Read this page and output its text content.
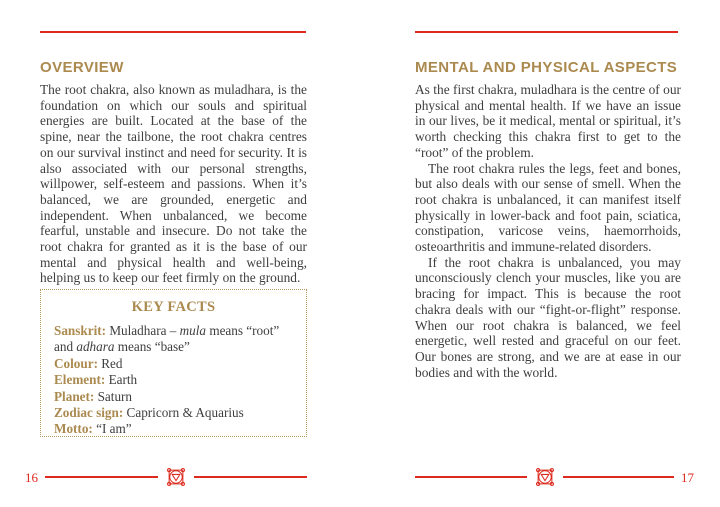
OVERVIEW

The root chakra, also known as muladhara, is the foundation on which our souls and spiritual energies are built. Located at the base of the spine, near the tailbone, the root chakra centres on our survival instinct and need for security. It is also associated with our personal strengths, willpower, self-esteem and passions. When it’s balanced, we are grounded, energetic and independent. When unbalanced, we become fearful, unstable and insecure. Do not take the root chakra for granted as it is the base of our mental and physical health and well-being, helping us to keep our feet firmly on the ground.

KEY FACTS
Sanskrit: Muladhara – mula means “root” and adhara means “base”
Colour: Red
Element: Earth
Planet: Saturn
Zodiac sign: Capricorn & Aquarius
Motto: “I am”
16
MENTAL AND PHYSICAL ASPECTS

As the first chakra, muladhara is the centre of our physical and mental health. If we have an issue in our lives, be it medical, mental or spiritual, it’s worth checking this chakra first to get to the “root” of the problem.

The root chakra rules the legs, feet and bones, but also deals with our sense of smell. When the root chakra is unbalanced, it can manifest itself physically in lower-back and foot pain, sciatica, constipation, varicose veins, haemorrhoids, osteoarthritis and immune-related disorders.

If the root chakra is unbalanced, you may unconsciously clench your muscles, like you are bracing for impact. This is because the root chakra deals with our “fight-or-flight” response. When our root chakra is balanced, we feel energetic, well rested and graceful on our feet. Our bones are strong, and we are at ease in our bodies and with the world.

17
